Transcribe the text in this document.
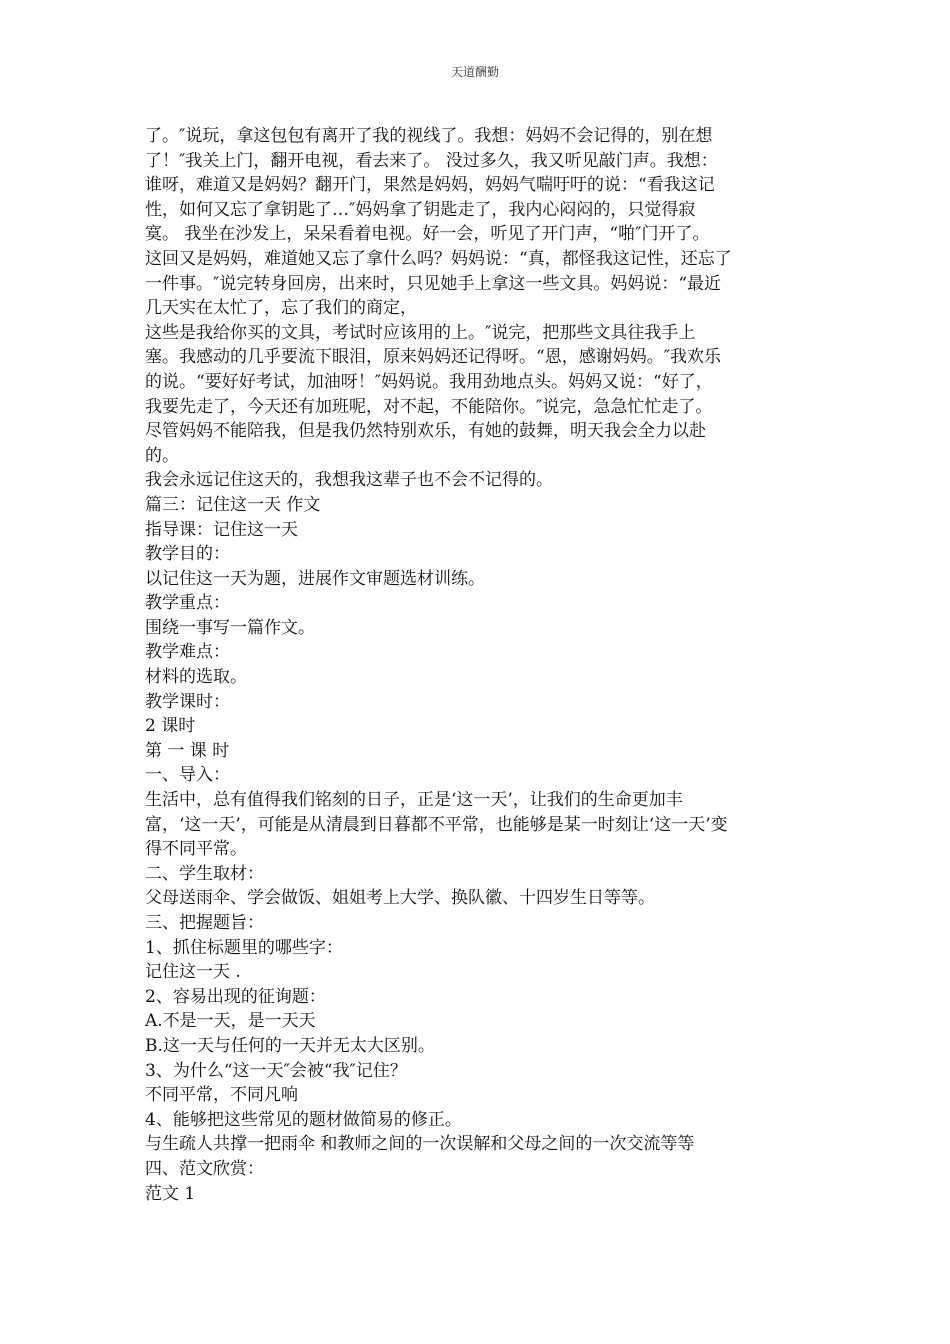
天道酬勤
了。″说玩，拿这包包有离开了我的视线了。我想：妈妈不会记得的，别在想
了！″我关上门，翻开电视，看去来了。 没过多久，我又听见敲门声。我想：
谁呀，难道又是妈妈？翻开门，果然是妈妈，妈妈气喘吁吁的说：“看我这记
性，如何又忘了拿钥匙了…″妈妈拿了钥匙走了，我内心闷闷的，只觉得寂
寞。 我坐在沙发上，呆呆看着电视。好一会，听见了开门声，“啪″门开了。
这回又是妈妈，难道她又忘了拿什么吗？妈妈说：“真，都怪我这记性，还忘了
一件事。″说完转身回房，出来时，只见她手上拿这一些文具。妈妈说：“最近
几天实在太忙了，忘了我们的商定，
这些是我给你买的文具，考试时应该用的上。″说完，把那些文具往我手上
塞。我感动的几乎要流下眼泪，原来妈妈还记得呀。“恩，感谢妈妈。″我欢乐
的说。“要好好考试，加油呀！″妈妈说。我用劲地点头。妈妈又说：“好了，
我要先走了，今天还有加班呢，对不起，不能陪你。″说完，急急忙忙走了。
尽管妈妈不能陪我，但是我仍然特别欢乐，有她的鼓舞，明天我会全力以赴
的。
我会永远记住这天的，我想我这辈子也不会不记得的。
篇三：记住这一天 作文
指导课：记住这一天
教学目的：
以记住这一天为题，进展作文审题选材训练。
教学重点：
围绕一事写一篇作文。
教学难点：
材料的选取。
教学课时：
2 课时
第 一 课 时
一、导入：
生活中，总有值得我们铭刻的日子，正是‘这一天’，让我们的生命更加丰
富，‘这一天’，可能是从清晨到日暮都不平常，也能够是某一时刻让‘这一天’变
得不同平常。
二、学生取材：
父母送雨伞、学会做饭、姐姐考上大学、换队徽、十四岁生日等等。
三、把握题旨：
1、抓住标题里的哪些字：
记住这一天 .
2、容易出现的征询题：
A.不是一天，是一天天
B.这一天与任何的一天并无太大区别。
3、为什么“这一天″会被“我″记住？
不同平常，不同凡响
4、能够把这些常见的题材做简易的修正。
与生疏人共撑一把雨伞 和教师之间的一次误解和父母之间的一次交流等等
四、范文欣赏：
范文 1
